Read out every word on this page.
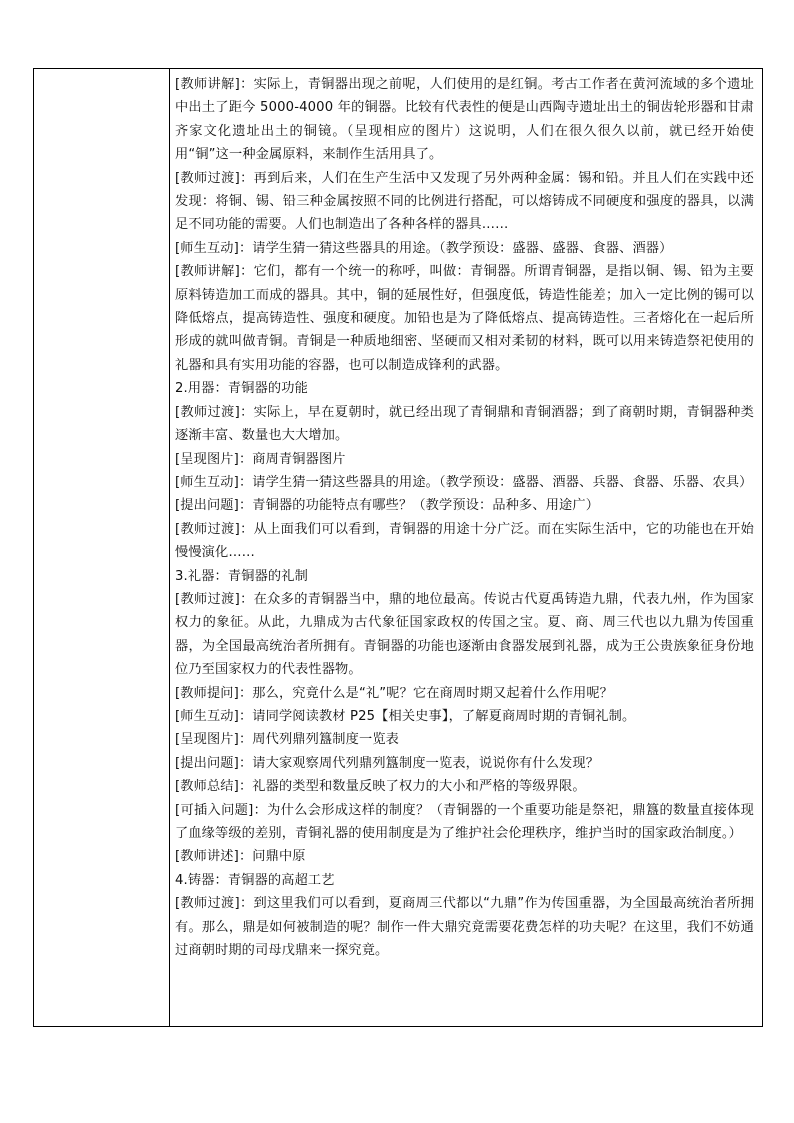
[教师讲解]：实际上，青铜器出现之前呢，人们使用的是红铜。考古工作者在黄河流域的多个遗址中出土了距今 5000-4000 年的铜器。比较有代表性的便是山西陶寺遗址出土的铜齿轮形器和甘肃齐家文化遗址出土的铜镜。（呈现相应的图片）这说明，人们在很久很久以前，就已经开始使用“铜”这一种金属原料，来制作生活用具了。

[教师过渡]：再到后来，人们在生产生活中又发现了另外两种金属：锡和铅。并且人们在实践中还发现：将铜、锡、铅三种金属按照不同的比例进行搭配，可以熔铸成不同硬度和强度的器具，以满足不同功能的需要。人们也制造出了各种各样的器具……

[师生互动]：请学生猜一猜这些器具的用途。（教学预设：盛器、盛器、食器、酒器）

[教师讲解]：它们，都有一个统一的称呼，叫做：青铜器。所谓青铜器，是指以铜、锡、铅为主要原料铸造加工而成的器具。其中，铜的延展性好，但强度低，铸造性能差；加入一定比例的锡可以降低熔点，提高铸造性、强度和硬度。加铅也是为了降低熔点、提高铸造性。三者熔化在一起后所形成的就叫做青铜。青铜是一种质地细密、坚硬而又相对柔韧的材料，既可以用来铸造祭祀使用的礼器和具有实用功能的容器，也可以制造成锋利的武器。

2.用器：青铜器的功能

[教师过渡]：实际上，早在夏朝时，就已经出现了青铜鼎和青铜酒器；到了商朝时期，青铜器种类逐渐丰富、数量也大大增加。

[呈现图片]：商周青铜器图片

[师生互动]：请学生猜一猜这些器具的用途。（教学预设：盛器、酒器、兵器、食器、乐器、农具）

[提出问题]：青铜器的功能特点有哪些？（教学预设：品种多、用途广）

[教师过渡]：从上面我们可以看到，青铜器的用途十分广泛。而在实际生活中，它的功能也在开始慢慢演化……

3.礼器：青铜器的礼制

[教师过渡]：在众多的青铜器当中，鼎的地位最高。传说古代夏禹铸造九鼎，代表九州，作为国家权力的象征。从此，九鼎成为古代象征国家政权的传国之宝。夏、商、周三代也以九鼎为传国重器，为全国最高统治者所拥有。青铜器的功能也逐渐由食器发展到礼器，成为王公贵族象征身份地位乃至国家权力的代表性器物。

[教师提问]：那么，究竟什么是“礼”呢？它在商周时期又起着什么作用呢？

[师生互动]：请同学阅读教材 P25【相关史事】，了解夏商周时期的青铜礼制。

[呈现图片]：周代列鼎列簋制度一览表

[提出问题]：请大家观察周代列鼎列簋制度一览表，说说你有什么发现？

[教师总结]：礼器的类型和数量反映了权力的大小和严格的等级界限。

[可插入问题]：为什么会形成这样的制度？（青铜器的一个重要功能是祭祀，鼎簋的数量直接体现了血缘等级的差别，青铜礼器的使用制度是为了维护社会伦理秩序，维护当时的国家政治制度。）

[教师讲述]：问鼎中原

4.铸器：青铜器的高超工艺

[教师过渡]：到这里我们可以看到，夏商周三代都以“九鼎”作为传国重器，为全国最高统治者所拥有。那么，鼎是如何被制造的呢？制作一件大鼎究竟需要花费怎样的功夫呢？在这里，我们不妨通过商朝时期的司母戊鼎来一探究竟。
